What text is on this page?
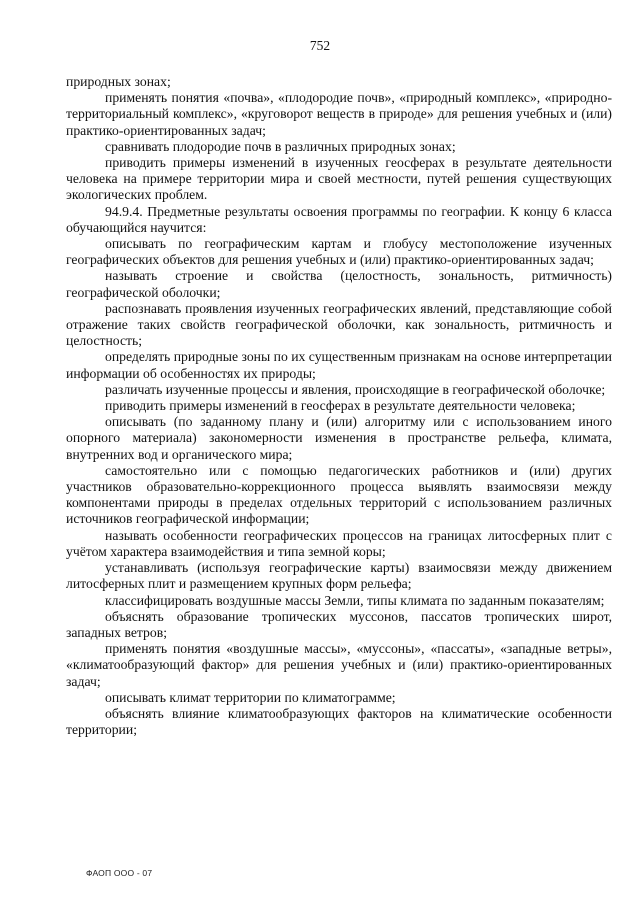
752

природных зонах;

применять понятия «почва», «плодородие почв», «природный комплекс», «природно-территориальный комплекс», «круговорот веществ в природе» для решения учебных и (или) практико-ориентированных задач;

сравнивать плодородие почв в различных природных зонах;

приводить примеры изменений в изученных геосферах в результате деятельности человека на примере территории мира и своей местности, путей решения существующих экологических проблем.

94.9.4. Предметные результаты освоения программы по географии. К концу 6 класса обучающийся научится:

описывать по географическим картам и глобусу местоположение изученных географических объектов для решения учебных и (или) практико-ориентированных задач;

называть строение и свойства (целостность, зональность, ритмичность) географической оболочки;

распознавать проявления изученных географических явлений, представляющие собой отражение таких свойств географической оболочки, как зональность, ритмичность и целостность;

определять природные зоны по их существенным признакам на основе интерпретации информации об особенностях их природы;

различать изученные процессы и явления, происходящие в географической оболочке;

приводить примеры изменений в геосферах в результате деятельности человека;

описывать (по заданному плану и (или) алгоритму или с использованием иного опорного материала) закономерности изменения в пространстве рельефа, климата, внутренних вод и органического мира;

самостоятельно или с помощью педагогических работников и (или) других участников образовательно-коррекционного процесса выявлять взаимосвязи между компонентами природы в пределах отдельных территорий с использованием различных источников географической информации;

называть особенности географических процессов на границах литосферных плит с учётом характера взаимодействия и типа земной коры;

устанавливать (используя географические карты) взаимосвязи между движением литосферных плит и размещением крупных форм рельефа;

классифицировать воздушные массы Земли, типы климата по заданным показателям;

объяснять образование тропических муссонов, пассатов тропических широт, западных ветров;

применять понятия «воздушные массы», «муссоны», «пассаты», «западные ветры», «климатообразующий фактор» для решения учебных и (или) практико-ориентированных задач;

описывать климат территории по климатограмме;

объяснять влияние климатообразующих факторов на климатические особенности территории;

ФАОП ООО - 07
